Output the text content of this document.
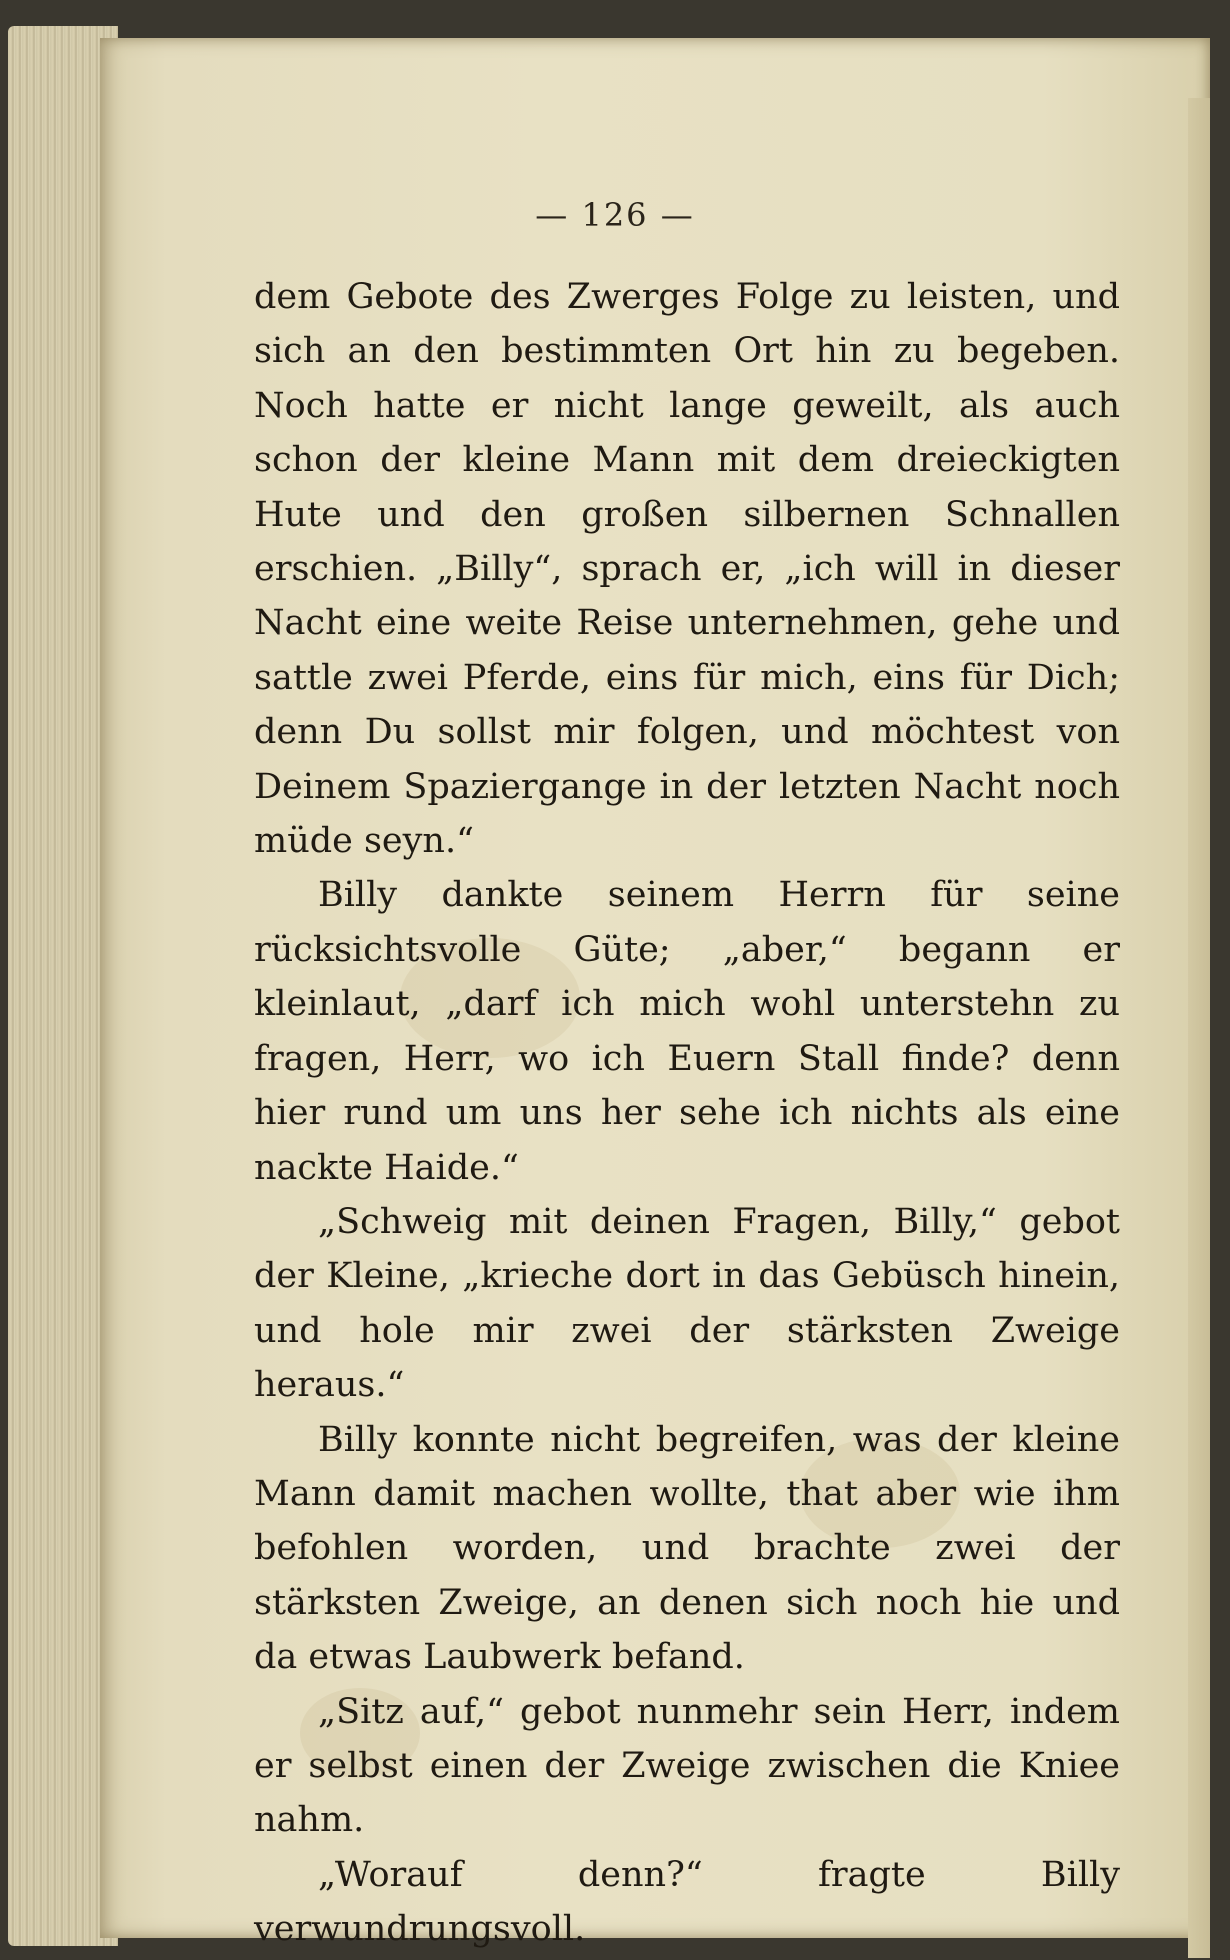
— 126 —

dem Gebote des Zwerges Folge zu leisten, und sich an den bestimmten Ort hin zu begeben. Noch hatte er nicht lange geweilt, als auch schon der kleine Mann mit dem dreieckigten Hute und den großen silbernen Schnallen erschien. „Billy“, sprach er, „ich will in dieser Nacht eine weite Reise unternehmen, gehe und sattle zwei Pferde, eins für mich, eins für Dich; denn Du sollst mir folgen, und möchtest von Deinem Spaziergange in der letzten Nacht noch müde seyn.“

Billy dankte seinem Herrn für seine rücksichtsvolle Güte; „aber,“ begann er kleinlaut, „darf ich mich wohl unterstehn zu fragen, Herr, wo ich Euern Stall finde? denn hier rund um uns her sehe ich nichts als eine nackte Haide.“

„Schweig mit deinen Fragen, Billy,“ gebot der Kleine, „krieche dort in das Gebüsch hinein, und hole mir zwei der stärksten Zweige heraus.“

Billy konnte nicht begreifen, was der kleine Mann damit machen wollte, that aber wie ihm befohlen worden, und brachte zwei der stärksten Zweige, an denen sich noch hie und da etwas Laubwerk befand.

„Sitz auf,“ gebot nunmehr sein Herr, indem er selbst einen der Zweige zwischen die Kniee nahm.

„Worauf denn?“ fragte Billy verwundrungsvoll.
